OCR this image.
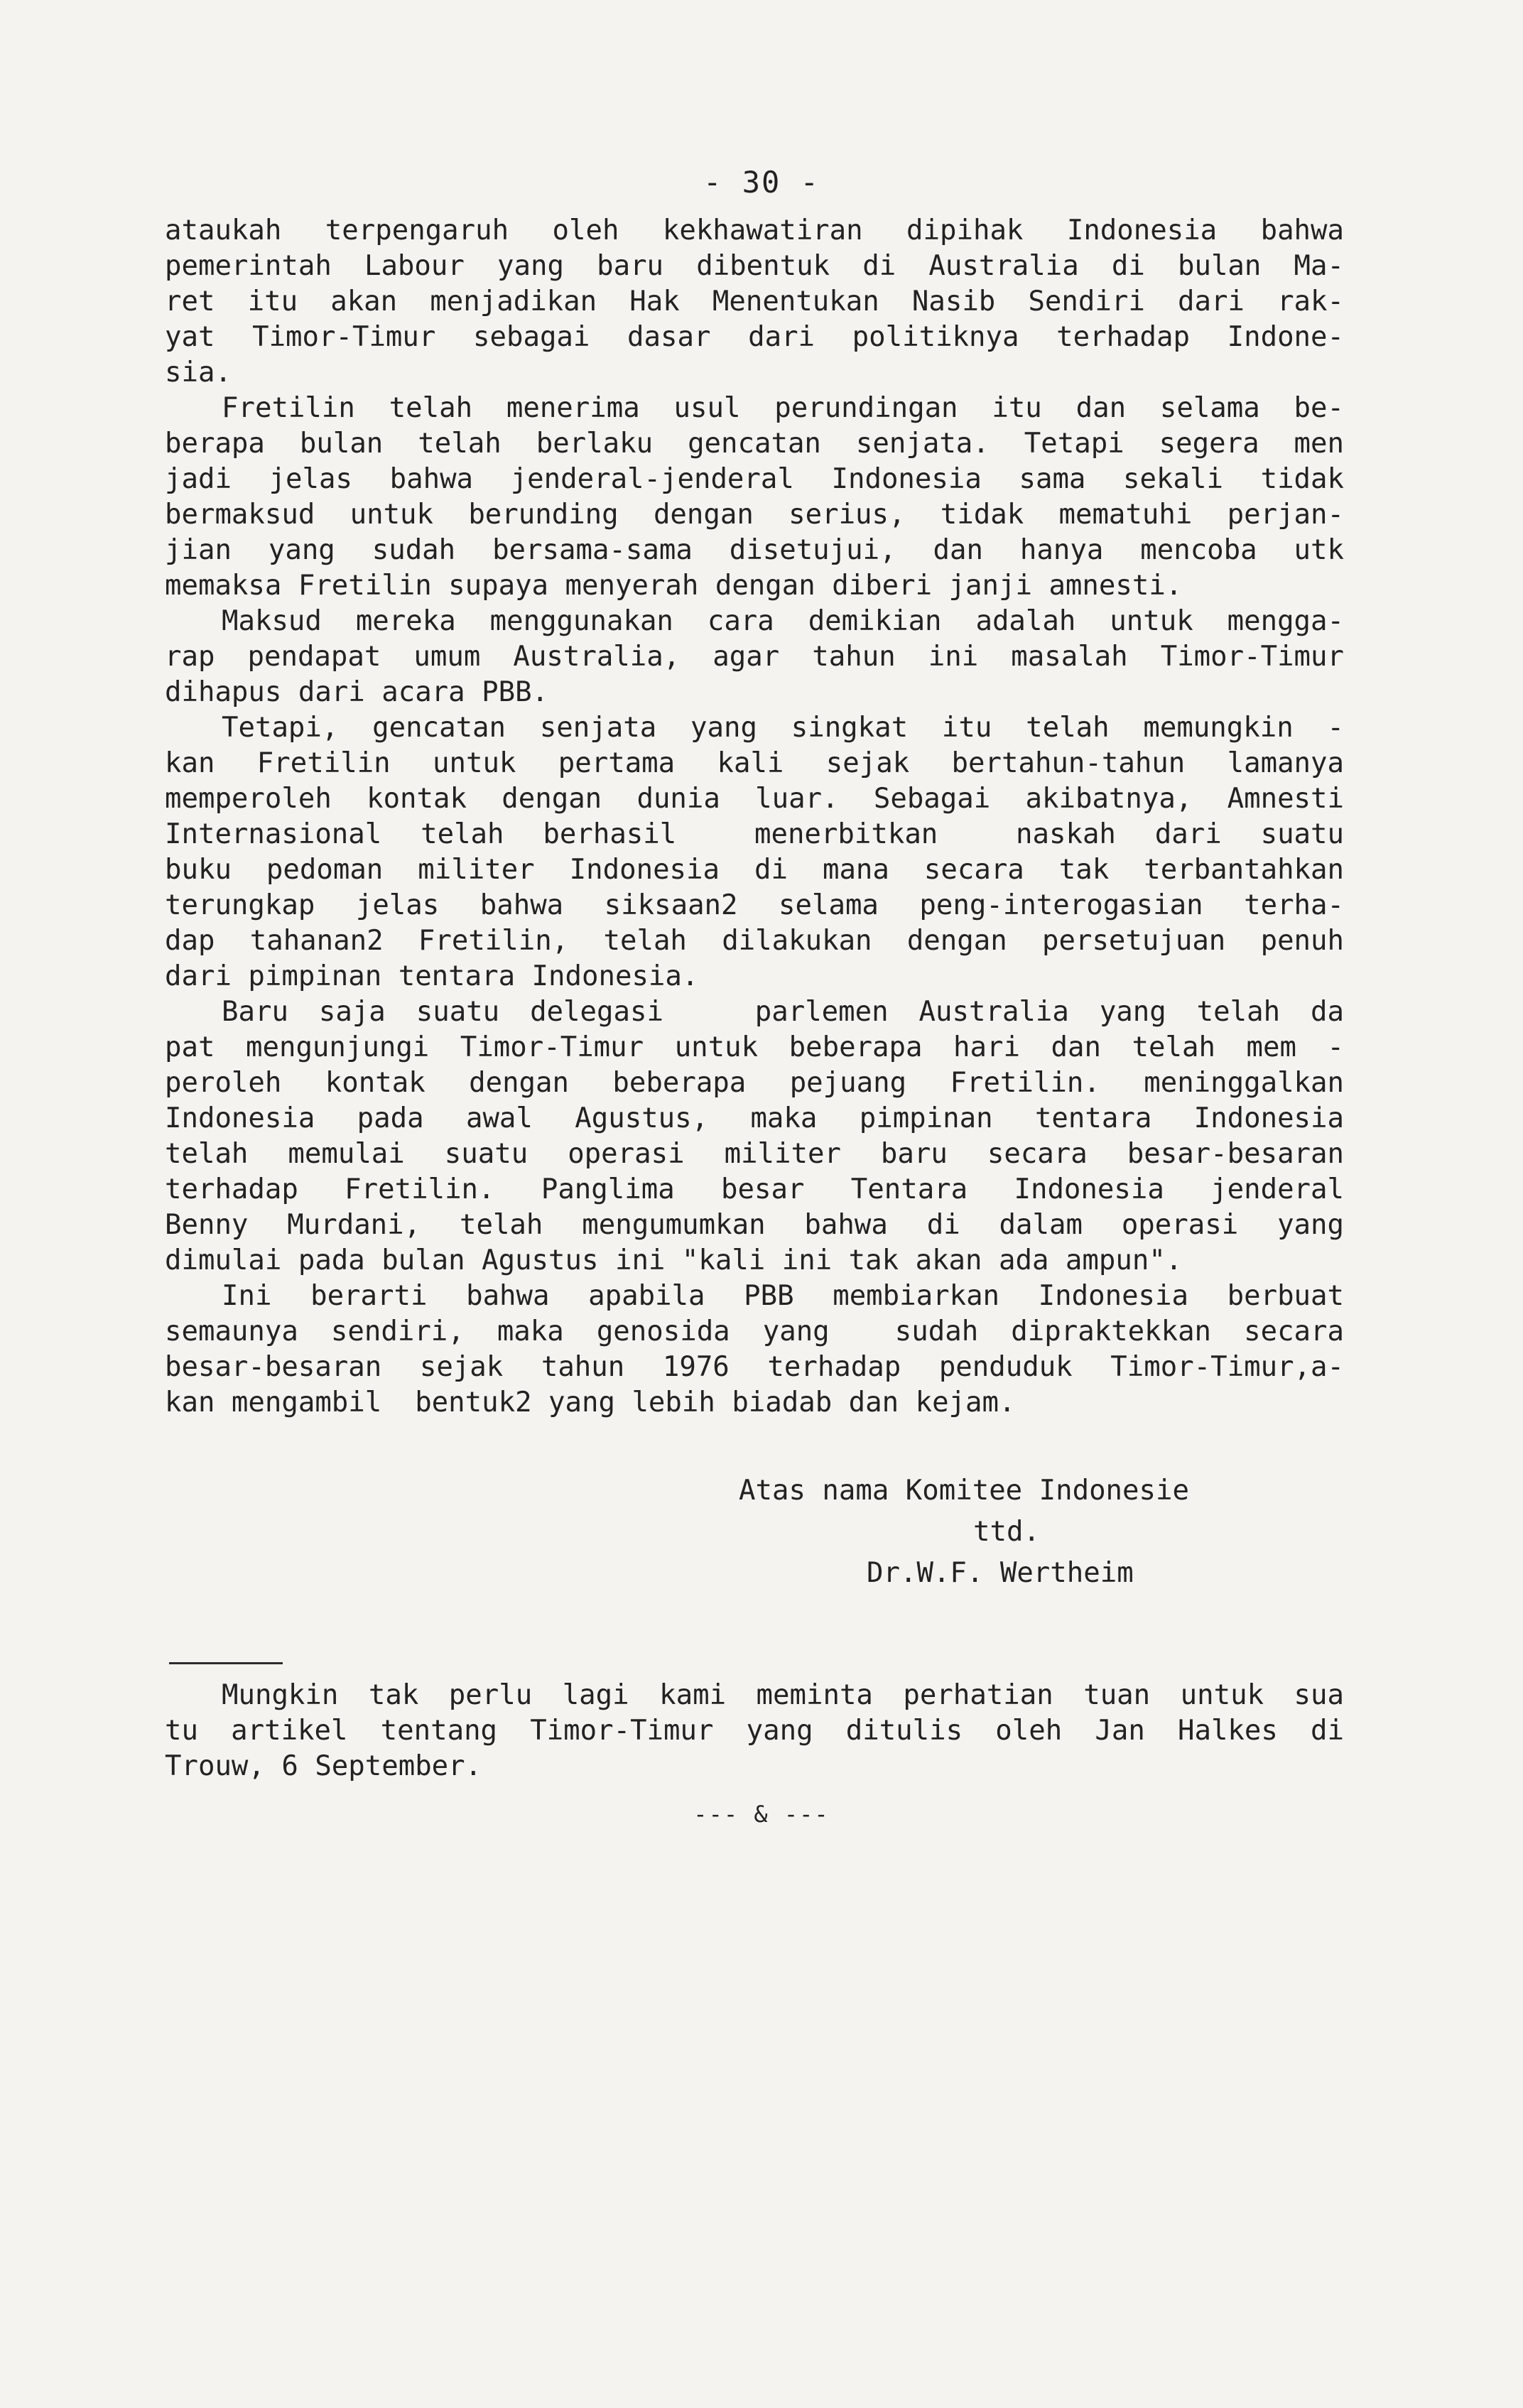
- 30 -
ataukah terpengaruh oleh kekhawatiran dipihak Indonesia bahwa
pemerintah Labour yang baru dibentuk di Australia di bulan Ma-
ret itu akan menjadikan Hak Menentukan Nasib Sendiri dari rak-
yat Timor-Timur sebagai dasar dari politiknya terhadap Indone-
sia.
Fretilin telah menerima usul perundingan itu dan selama be-
berapa bulan telah berlaku gencatan senjata. Tetapi segera men
jadi jelas bahwa jenderal-jenderal Indonesia sama sekali tidak
bermaksud untuk berunding dengan serius, tidak mematuhi perjan-
jian yang sudah bersama-sama disetujui, dan hanya mencoba utk
memaksa Fretilin supaya menyerah dengan diberi janji amnesti.
Maksud mereka menggunakan cara demikian adalah untuk mengga-
rap pendapat umum Australia, agar tahun ini masalah Timor-Timur
dihapus dari acara PBB.
Tetapi, gencatan senjata yang singkat itu telah memungkin -
kan Fretilin untuk pertama kali sejak bertahun-tahun lamanya
memperoleh kontak dengan dunia luar. Sebagai akibatnya, Amnesti
Internasional telah berhasil  menerbitkan  naskah dari suatu
buku pedoman militer Indonesia di mana secara tak terbantahkan
terungkap jelas bahwa siksaan2 selama peng-interogasian terha-
dap tahanan2 Fretilin, telah dilakukan dengan persetujuan penuh
dari pimpinan tentara Indonesia.
Baru saja suatu delegasi   parlemen Australia yang telah da
pat mengunjungi Timor-Timur untuk beberapa hari dan telah mem -
peroleh kontak dengan beberapa pejuang Fretilin. meninggalkan
Indonesia pada awal Agustus, maka pimpinan tentara Indonesia
telah memulai suatu operasi militer baru secara besar-besaran
terhadap Fretilin. Panglima besar Tentara Indonesia jenderal
Benny Murdani, telah mengumumkan bahwa di dalam operasi yang
dimulai pada bulan Agustus ini "kali ini tak akan ada ampun".
Ini berarti bahwa apabila PBB membiarkan Indonesia berbuat
semaunya sendiri, maka genosida yang  sudah dipraktekkan secara
besar-besaran sejak tahun 1976 terhadap penduduk Timor-Timur,a-
kan mengambil  bentuk2 yang lebih biadab dan kejam.
Atas nama Komitee Indonesie
ttd.
Dr.W.F. Wertheim
Mungkin tak perlu lagi kami meminta perhatian tuan untuk sua
tu artikel tentang Timor-Timur yang ditulis oleh Jan Halkes di
Trouw, 6 September.
--- & ---
